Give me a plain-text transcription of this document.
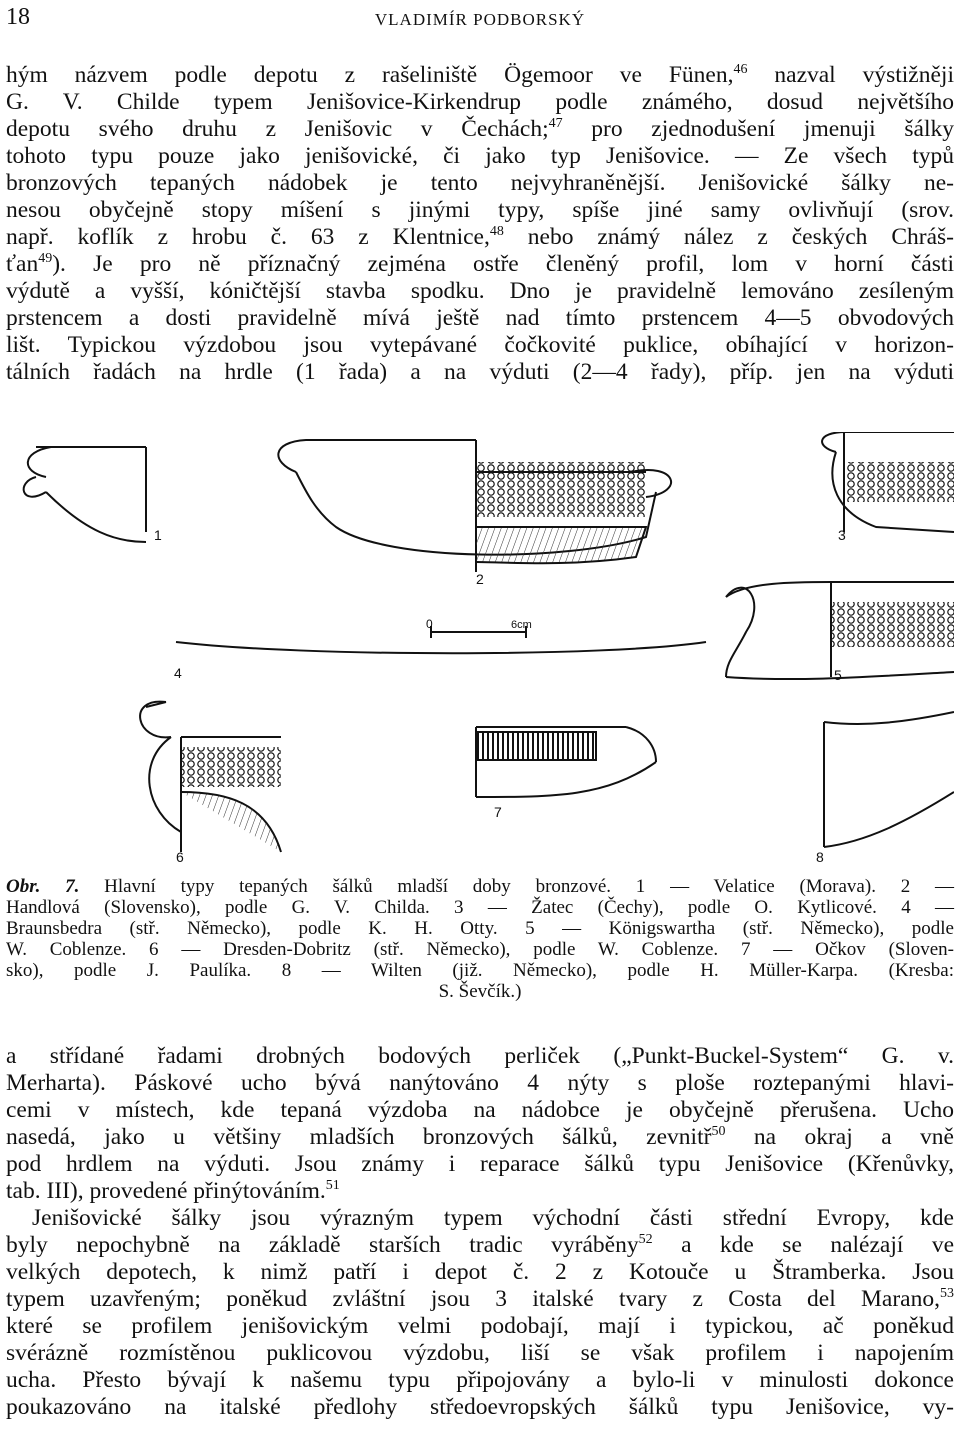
18	VLADIMÍR PODBORSKÝ

hým názvem podle depotu z rašeliniště Ögemoor ve Fünen,$^{46}$ nazval výstižněji

G. V. Childe typem Jenišovice-Kirkendrup podle známého, dosud největšího

depotu svého druhu z Jenišovic v Čechách;$^{47}$ pro zjednodušení jmenuji šálky

tohoto typu pouze jako jenišovické, či jako typ Jenišovice. — Ze všech typů

bronzových tepaných nádobek je tento nejvyhraněnější. Jenišovické šálky ne-

nesou obyčejně stopy míšení s jinými typy, spíše jiné samy ovlivňují (srov.

např. koflík z hrobu č. 63 z Klentnice,$^{48}$ nebo známý nález z českých Chráš-

ťan$^{49}$). Je pro ně příznačný zejména ostře členěný profil, lom v horní části

výdutě a vyšší, kóničtější stavba spodku. Dno je pravidelně lemováno zesíleným

prstencem a dosti pravidelně mívá ještě nad tímto prstencem 4—5 obvodových

lišt. Typickou výzdobou jsou vytepávané čočkovité puklice, obíhající v horizon-

tálních řadách na hrdle (1 řada) a na výduti (2—4 řady), příp. jen na výduti

1
2
3
4	5
6
7
8
0	6cm
Obr. 7. Hlavní typy tepaných šálků mladší doby bronzové. 1 — Velatice (Morava). 2 —
Handlová (Slovensko), podle G. V. Childa. 3 — Žatec (Čechy), podle O. Kytlicové. 4 —
Braunsbedra (stř. Německo), podle K. H. Otty. 5 — Königswartha (stř. Německo), podle
W. Coblenze. 6 — Dresden-Dobritz (stř. Německo), podle W. Coblenze. 7 — Očkov (Sloven-
sko), podle J. Paulíka. 8 — Wilten (již. Německo), podle H. Müller-Karpa. (Kresba:
S. Ševčík.)

a střídané řadami drobných bodových perliček („Punkt-Buckel-System“ G. v.

Merharta). Páskové ucho bývá nanýtováno 4 nýty s ploše roztepanými hlavi-

cemi v místech, kde tepaná výzdoba na nádobce je obyčejně přerušena. Ucho

nasedá, jako u většiny mladších bronzových šálků, zevnitř$^{50}$ na okraj a vně

pod hrdlem na výduti. Jsou známy i reparace šálků typu Jenišovice (Křenůvky,

tab. III), provedené přinýtováním.$^{51}$

Jenišovické šálky jsou výrazným typem východní části střední Evropy, kde

byly nepochybně na základě starších tradic vyráběny$^{52}$ a kde se nalézají ve

velkých depotech, k nimž patří i depot č. 2 z Kotouče u Štramberka. Jsou

typem uzavřeným; poněkud zvláštní jsou 3 italské tvary z Costa del Marano,$^{53}$

které se profilem jenišovickým velmi podobají, mají i typickou, ač poněkud

svérázně rozmístěnou puklicovou výzdobu, liší se však profilem i napojením

ucha. Přesto bývají k našemu typu připojovány a bylo-li v minulosti dokonce

poukazováno na italské předlohy středoevropských šálků typu Jenišovice, vy-
